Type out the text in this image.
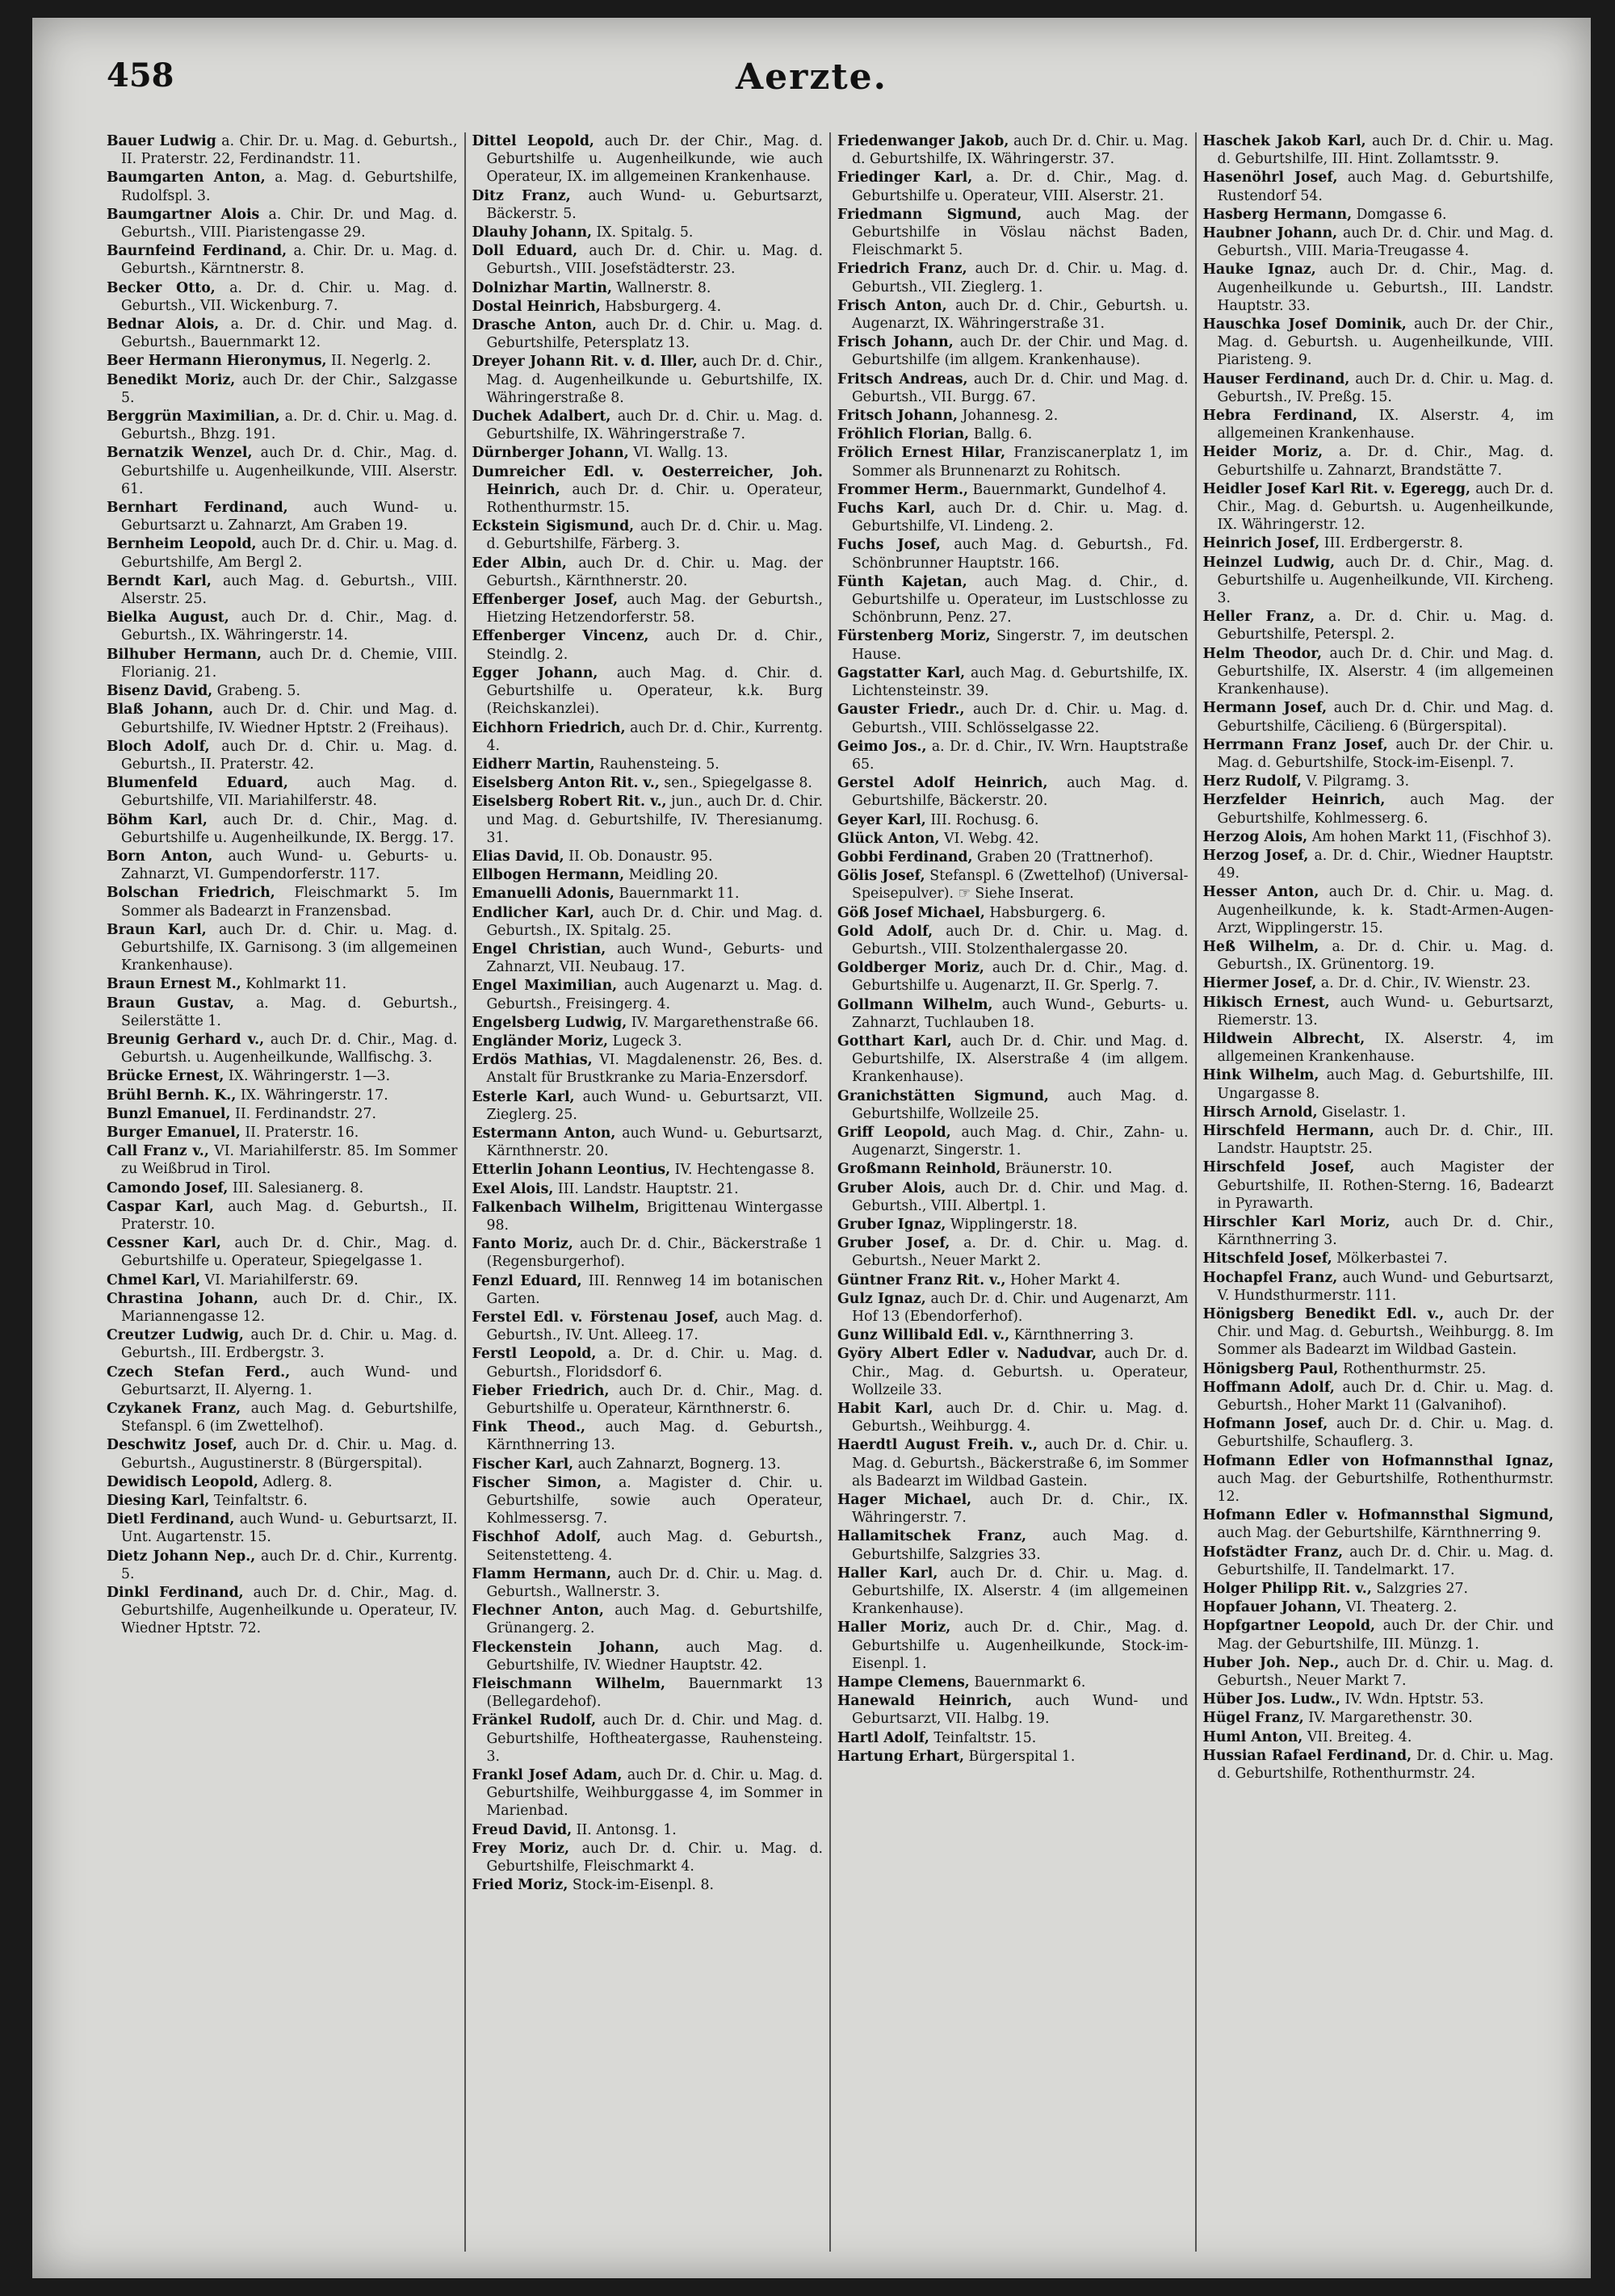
458	Aerzte.

Bauer Ludwig a. Chir. Dr. u. Mag. d. Geburtsh., II. Praterstr. 22, Ferdinandstr. 11.

Baumgarten Anton, a. Mag. d. Geburtshilfe, Rudolfspl. 3.

Baumgartner Alois a. Chir. Dr. und Mag. d. Geburtsh., VIII. Piaristengasse 29.

Baurnfeind Ferdinand, a. Chir. Dr. u. Mag. d. Geburtsh., Kärntnerstr. 8.

Becker Otto, a. Dr. d. Chir. u. Mag. d. Geburtsh., VII. Wickenburg. 7.

Bednar Alois, a. Dr. d. Chir. und Mag. d. Geburtsh., Bauernmarkt 12.

Beer Hermann Hieronymus, II. Negerlg. 2.

Benedikt Moriz, auch Dr. der Chir., Salzgasse 5.

Berggrün Maximilian, a. Dr. d. Chir. u. Mag. d. Geburtsh., Bhzg. 191.

Bernatzik Wenzel, auch Dr. d. Chir., Mag. d. Geburtshilfe u. Augenheilkunde, VIII. Alserstr. 61.

Bernhart Ferdinand, auch Wund- u. Geburtsarzt u. Zahnarzt, Am Graben 19.

Bernheim Leopold, auch Dr. d. Chir. u. Mag. d. Geburtshilfe, Am Bergl 2.

Berndt Karl, auch Mag. d. Geburtsh., VIII. Alserstr. 25.

Bielka August, auch Dr. d. Chir., Mag. d. Geburtsh., IX. Währingerstr. 14.

Bilhuber Hermann, auch Dr. d. Chemie, VIII. Florianig. 21.

Bisenz David, Grabeng. 5.

Blaß Johann, auch Dr. d. Chir. und Mag. d. Geburtshilfe, IV. Wiedner Hptstr. 2 (Freihaus).

Bloch Adolf, auch Dr. d. Chir. u. Mag. d. Geburtsh., II. Praterstr. 42.

Blumenfeld Eduard, auch Mag. d. Geburtshilfe, VII. Mariahilferstr. 48.

Böhm Karl, auch Dr. d. Chir., Mag. d. Geburtshilfe u. Augenheilkunde, IX. Bergg. 17.

Born Anton, auch Wund- u. Geburts- u. Zahnarzt, VI. Gumpendorferstr. 117.

Bolschan Friedrich, Fleischmarkt 5. Im Sommer als Badearzt in Franzensbad.

Braun Karl, auch Dr. d. Chir. u. Mag. d. Geburtshilfe, IX. Garnisong. 3 (im allgemeinen Krankenhause).

Braun Ernest M., Kohlmarkt 11.

Braun Gustav, a. Mag. d. Geburtsh., Seilerstätte 1.

Breunig Gerhard v., auch Dr. d. Chir., Mag. d. Geburtsh. u. Augenheilkunde, Wallfischg. 3.

Brücke Ernest, IX. Währingerstr. 1—3.

Brühl Bernh. K., IX. Währingerstr. 17.

Bunzl Emanuel, II. Ferdinandstr. 27.

Burger Emanuel, II. Praterstr. 16.

Call Franz v., VI. Mariahilferstr. 85. Im Sommer zu Weißbrud in Tirol.

Camondo Josef, III. Salesianerg. 8.

Caspar Karl, auch Mag. d. Geburtsh., II. Praterstr. 10.

Cessner Karl, auch Dr. d. Chir., Mag. d. Geburtshilfe u. Operateur, Spiegelgasse 1.

Chmel Karl, VI. Mariahilferstr. 69.

Chrastina Johann, auch Dr. d. Chir., IX. Mariannengasse 12.

Creutzer Ludwig, auch Dr. d. Chir. u. Mag. d. Geburtsh., III. Erdbergstr. 3.

Czech Stefan Ferd., auch Wund- und Geburtsarzt, II. Alyerng. 1.

Czykanek Franz, auch Mag. d. Geburtshilfe, Stefanspl. 6 (im Zwettelhof).

Deschwitz Josef, auch Dr. d. Chir. u. Mag. d. Geburtsh., Augustinerstr. 8 (Bürgerspital).

Dewidisch Leopold, Adlerg. 8.

Diesing Karl, Teinfaltstr. 6.

Dietl Ferdinand, auch Wund- u. Geburtsarzt, II. Unt. Augartenstr. 15.

Dietz Johann Nep., auch Dr. d. Chir., Kurrentg. 5.

Dinkl Ferdinand, auch Dr. d. Chir., Mag. d. Geburtshilfe, Augenheilkunde u. Operateur, IV. Wiedner Hptstr. 72.

Dittel Leopold, auch Dr. der Chir., Mag. d. Geburtshilfe u. Augenheilkunde, wie auch Operateur, IX. im allgemeinen Krankenhause.

Ditz Franz, auch Wund- u. Geburtsarzt, Bäckerstr. 5.

Dlauhy Johann, IX. Spitalg. 5.

Doll Eduard, auch Dr. d. Chir. u. Mag. d. Geburtsh., VIII. Josefstädterstr. 23.

Dolnizhar Martin, Wallnerstr. 8.

Dostal Heinrich, Habsburgerg. 4.

Drasche Anton, auch Dr. d. Chir. u. Mag. d. Geburtshilfe, Petersplatz 13.

Dreyer Johann Rit. v. d. Iller, auch Dr. d. Chir., Mag. d. Augenheilkunde u. Geburtshilfe, IX. Währingerstraße 8.

Duchek Adalbert, auch Dr. d. Chir. u. Mag. d. Geburtshilfe, IX. Währingerstraße 7.

Dürnberger Johann, VI. Wallg. 13.

Dumreicher Edl. v. Oesterreicher, Joh. Heinrich, auch Dr. d. Chir. u. Operateur, Rothenthurmstr. 15.

Eckstein Sigismund, auch Dr. d. Chir. u. Mag. d. Geburtshilfe, Färberg. 3.

Eder Albin, auch Dr. d. Chir. u. Mag. der Geburtsh., Kärnthnerstr. 20.

Effenberger Josef, auch Mag. der Geburtsh., Hietzing Hetzendorferstr. 58.

Effenberger Vincenz, auch Dr. d. Chir., Steindlg. 2.

Egger Johann, auch Mag. d. Chir. d. Geburtshilfe u. Operateur, k.k. Burg (Reichskanzlei).

Eichhorn Friedrich, auch Dr. d. Chir., Kurrentg. 4.

Eidherr Martin, Rauhensteing. 5.

Eiselsberg Anton Rit. v., sen., Spiegelgasse 8.

Eiselsberg Robert Rit. v., jun., auch Dr. d. Chir. und Mag. d. Geburtshilfe, IV. Theresianumg. 31.

Elias David, II. Ob. Donaustr. 95.

Ellbogen Hermann, Meidling 20.

Emanuelli Adonis, Bauernmarkt 11.

Endlicher Karl, auch Dr. d. Chir. und Mag. d. Geburtsh., IX. Spitalg. 25.

Engel Christian, auch Wund-, Geburts- und Zahnarzt, VII. Neubaug. 17.

Engel Maximilian, auch Augenarzt u. Mag. d. Geburtsh., Freisingerg. 4.

Engelsberg Ludwig, IV. Margarethenstraße 66.

Engländer Moriz, Lugeck 3.

Erdös Mathias, VI. Magdalenenstr. 26, Bes. d. Anstalt für Brustkranke zu Maria-Enzersdorf.

Esterle Karl, auch Wund- u. Geburtsarzt, VII. Zieglerg. 25.

Estermann Anton, auch Wund- u. Geburtsarzt, Kärnthnerstr. 20.

Etterlin Johann Leontius, IV. Hechtengasse 8.

Exel Alois, III. Landstr. Hauptstr. 21.

Falkenbach Wilhelm, Brigittenau Wintergasse 98.

Fanto Moriz, auch Dr. d. Chir., Bäckerstraße 1 (Regensburgerhof).

Fenzl Eduard, III. Rennweg 14 im botanischen Garten.

Ferstel Edl. v. Förstenau Josef, auch Mag. d. Geburtsh., IV. Unt. Alleeg. 17.

Ferstl Leopold, a. Dr. d. Chir. u. Mag. d. Geburtsh., Floridsdorf 6.

Fieber Friedrich, auch Dr. d. Chir., Mag. d. Geburtshilfe u. Operateur, Kärnthnerstr. 6.

Fink Theod., auch Mag. d. Geburtsh., Kärnthnerring 13.

Fischer Karl, auch Zahnarzt, Bognerg. 13.

Fischer Simon, a. Magister d. Chir. u. Geburtshilfe, sowie auch Operateur, Kohlmessersg. 7.

Fischhof Adolf, auch Mag. d. Geburtsh., Seitenstetteng. 4.

Flamm Hermann, auch Dr. d. Chir. u. Mag. d. Geburtsh., Wallnerstr. 3.

Flechner Anton, auch Mag. d. Geburtshilfe, Grünangerg. 2.

Fleckenstein Johann, auch Mag. d. Geburtshilfe, IV. Wiedner Hauptstr. 42.

Fleischmann Wilhelm, Bauernmarkt 13 (Bellegardehof).

Fränkel Rudolf, auch Dr. d. Chir. und Mag. d. Geburtshilfe, Hoftheatergasse, Rauhensteing. 3.

Frankl Josef Adam, auch Dr. d. Chir. u. Mag. d. Geburtshilfe, Weihburggasse 4, im Sommer in Marienbad.

Freud David, II. Antonsg. 1.

Frey Moriz, auch Dr. d. Chir. u. Mag. d. Geburtshilfe, Fleischmarkt 4.

Fried Moriz, Stock-im-Eisenpl. 8.

Friedenwanger Jakob, auch Dr. d. Chir. u. Mag. d. Geburtshilfe, IX. Währingerstr. 37.

Friedinger Karl, a. Dr. d. Chir., Mag. d. Geburtshilfe u. Operateur, VIII. Alserstr. 21.

Friedmann Sigmund, auch Mag. der Geburtshilfe in Vöslau nächst Baden, Fleischmarkt 5.

Friedrich Franz, auch Dr. d. Chir. u. Mag. d. Geburtsh., VII. Zieglerg. 1.

Frisch Anton, auch Dr. d. Chir., Geburtsh. u. Augenarzt, IX. Währingerstraße 31.

Frisch Johann, auch Dr. der Chir. und Mag. d. Geburtshilfe (im allgem. Krankenhause).

Fritsch Andreas, auch Dr. d. Chir. und Mag. d. Geburtsh., VII. Burgg. 67.

Fritsch Johann, Johannesg. 2.

Fröhlich Florian, Ballg. 6.

Frölich Ernest Hilar, Franziscanerplatz 1, im Sommer als Brunnenarzt zu Rohitsch.

Frommer Herm., Bauernmarkt, Gundelhof 4.

Fuchs Karl, auch Dr. d. Chir. u. Mag. d. Geburtshilfe, VI. Lindeng. 2.

Fuchs Josef, auch Mag. d. Geburtsh., Fd. Schönbrunner Hauptstr. 166.

Fünth Kajetan, auch Mag. d. Chir., d. Geburtshilfe u. Operateur, im Lustschlosse zu Schönbrunn, Penz. 27.

Fürstenberg Moriz, Singerstr. 7, im deutschen Hause.

Gagstatter Karl, auch Mag. d. Geburtshilfe, IX. Lichtensteinstr. 39.

Gauster Friedr., auch Dr. d. Chir. u. Mag. d. Geburtsh., VIII. Schlösselgasse 22.

Geimo Jos., a. Dr. d. Chir., IV. Wrn. Hauptstraße 65.

Gerstel Adolf Heinrich, auch Mag. d. Geburtshilfe, Bäckerstr. 20.

Geyer Karl, III. Rochusg. 6.

Glück Anton, VI. Webg. 42.

Gobbi Ferdinand, Graben 20 (Trattnerhof).

Gölis Josef, Stefanspl. 6 (Zwettelhof) (Universal-Speisepulver). ☞ Siehe Inserat.

Göß Josef Michael, Habsburgerg. 6.

Gold Adolf, auch Dr. d. Chir. u. Mag. d. Geburtsh., VIII. Stolzenthalergasse 20.

Goldberger Moriz, auch Dr. d. Chir., Mag. d. Geburtshilfe u. Augenarzt, II. Gr. Sperlg. 7.

Gollmann Wilhelm, auch Wund-, Geburts- u. Zahnarzt, Tuchlauben 18.

Gotthart Karl, auch Dr. d. Chir. und Mag. d. Geburtshilfe, IX. Alserstraße 4 (im allgem. Krankenhause).

Granichstätten Sigmund, auch Mag. d. Geburtshilfe, Wollzeile 25.

Griff Leopold, auch Mag. d. Chir., Zahn- u. Augenarzt, Singerstr. 1.

Großmann Reinhold, Bräunerstr. 10.

Gruber Alois, auch Dr. d. Chir. und Mag. d. Geburtsh., VIII. Albertpl. 1.

Gruber Ignaz, Wipplingerstr. 18.

Gruber Josef, a. Dr. d. Chir. u. Mag. d. Geburtsh., Neuer Markt 2.

Güntner Franz Rit. v., Hoher Markt 4.

Gulz Ignaz, auch Dr. d. Chir. und Augenarzt, Am Hof 13 (Ebendorferhof).

Gunz Willibald Edl. v., Kärnthnerring 3.

Györy Albert Edler v. Nadudvar, auch Dr. d. Chir., Mag. d. Geburtsh. u. Operateur, Wollzeile 33.

Habit Karl, auch Dr. d. Chir. u. Mag. d. Geburtsh., Weihburgg. 4.

Haerdtl August Freih. v., auch Dr. d. Chir. u. Mag. d. Geburtsh., Bäckerstraße 6, im Sommer als Badearzt im Wildbad Gastein.

Hager Michael, auch Dr. d. Chir., IX. Währingerstr. 7.

Hallamitschek Franz, auch Mag. d. Geburtshilfe, Salzgries 33.

Haller Karl, auch Dr. d. Chir. u. Mag. d. Geburtshilfe, IX. Alserstr. 4 (im allgemeinen Krankenhause).

Haller Moriz, auch Dr. d. Chir., Mag. d. Geburtshilfe u. Augenheilkunde, Stock-im-Eisenpl. 1.

Hampe Clemens, Bauernmarkt 6.

Hanewald Heinrich, auch Wund- und Geburtsarzt, VII. Halbg. 19.

Hartl Adolf, Teinfaltstr. 15.

Hartung Erhart, Bürgerspital 1.

Haschek Jakob Karl, auch Dr. d. Chir. u. Mag. d. Geburtshilfe, III. Hint. Zollamtsstr. 9.

Hasenöhrl Josef, auch Mag. d. Geburtshilfe, Rustendorf 54.

Hasberg Hermann, Domgasse 6.

Haubner Johann, auch Dr. d. Chir. und Mag. d. Geburtsh., VIII. Maria-Treugasse 4.

Hauke Ignaz, auch Dr. d. Chir., Mag. d. Augenheilkunde u. Geburtsh., III. Landstr. Hauptstr. 33.

Hauschka Josef Dominik, auch Dr. der Chir., Mag. d. Geburtsh. u. Augenheilkunde, VIII. Piaristeng. 9.

Hauser Ferdinand, auch Dr. d. Chir. u. Mag. d. Geburtsh., IV. Preßg. 15.

Hebra Ferdinand, IX. Alserstr. 4, im allgemeinen Krankenhause.

Heider Moriz, a. Dr. d. Chir., Mag. d. Geburtshilfe u. Zahnarzt, Brandstätte 7.

Heidler Josef Karl Rit. v. Egeregg, auch Dr. d. Chir., Mag. d. Geburtsh. u. Augenheilkunde, IX. Währingerstr. 12.

Heinrich Josef, III. Erdbergerstr. 8.

Heinzel Ludwig, auch Dr. d. Chir., Mag. d. Geburtshilfe u. Augenheilkunde, VII. Kircheng. 3.

Heller Franz, a. Dr. d. Chir. u. Mag. d. Geburtshilfe, Peterspl. 2.

Helm Theodor, auch Dr. d. Chir. und Mag. d. Geburtshilfe, IX. Alserstr. 4 (im allgemeinen Krankenhause).

Hermann Josef, auch Dr. d. Chir. und Mag. d. Geburtshilfe, Cäcilieng. 6 (Bürgerspital).

Herrmann Franz Josef, auch Dr. der Chir. u. Mag. d. Geburtshilfe, Stock-im-Eisenpl. 7.

Herz Rudolf, V. Pilgramg. 3.

Herzfelder Heinrich, auch Mag. der Geburtshilfe, Kohlmesserg. 6.

Herzog Alois, Am hohen Markt 11, (Fischhof 3).

Herzog Josef, a. Dr. d. Chir., Wiedner Hauptstr. 49.

Hesser Anton, auch Dr. d. Chir. u. Mag. d. Augenheilkunde, k. k. Stadt-Armen-Augen-Arzt, Wipplingerstr. 15.

Heß Wilhelm, a. Dr. d. Chir. u. Mag. d. Geburtsh., IX. Grünentorg. 19.

Hiermer Josef, a. Dr. d. Chir., IV. Wienstr. 23.

Hikisch Ernest, auch Wund- u. Geburtsarzt, Riemerstr. 13.

Hildwein Albrecht, IX. Alserstr. 4, im allgemeinen Krankenhause.

Hink Wilhelm, auch Mag. d. Geburtshilfe, III. Ungargasse 8.

Hirsch Arnold, Giselastr. 1.

Hirschfeld Hermann, auch Dr. d. Chir., III. Landstr. Hauptstr. 25.

Hirschfeld Josef, auch Magister der Geburtshilfe, II. Rothen-Sterng. 16, Badearzt in Pyrawarth.

Hirschler Karl Moriz, auch Dr. d. Chir., Kärnthnerring 3.

Hitschfeld Josef, Mölkerbastei 7.

Hochapfel Franz, auch Wund- und Geburtsarzt, V. Hundsthurmerstr. 111.

Hönigsberg Benedikt Edl. v., auch Dr. der Chir. und Mag. d. Geburtsh., Weihburgg. 8. Im Sommer als Badearzt im Wildbad Gastein.

Hönigsberg Paul, Rothenthurmstr. 25.

Hoffmann Adolf, auch Dr. d. Chir. u. Mag. d. Geburtsh., Hoher Markt 11 (Galvanihof).

Hofmann Josef, auch Dr. d. Chir. u. Mag. d. Geburtshilfe, Schauflerg. 3.

Hofmann Edler von Hofmannsthal Ignaz, auch Mag. der Geburtshilfe, Rothenthurmstr. 12.

Hofmann Edler v. Hofmannsthal Sigmund, auch Mag. der Geburtshilfe, Kärnthnerring 9.

Hofstädter Franz, auch Dr. d. Chir. u. Mag. d. Geburtshilfe, II. Tandelmarkt. 17.

Holger Philipp Rit. v., Salzgries 27.

Hopfauer Johann, VI. Theaterg. 2.

Hopfgartner Leopold, auch Dr. der Chir. und Mag. der Geburtshilfe, III. Münzg. 1.

Huber Joh. Nep., auch Dr. d. Chir. u. Mag. d. Geburtsh., Neuer Markt 7.

Hüber Jos. Ludw., IV. Wdn. Hptstr. 53.

Hügel Franz, IV. Margarethenstr. 30.

Huml Anton, VII. Breiteg. 4.

Hussian Rafael Ferdinand, Dr. d. Chir. u. Mag. d. Geburtshilfe, Rothenthurmstr. 24.
